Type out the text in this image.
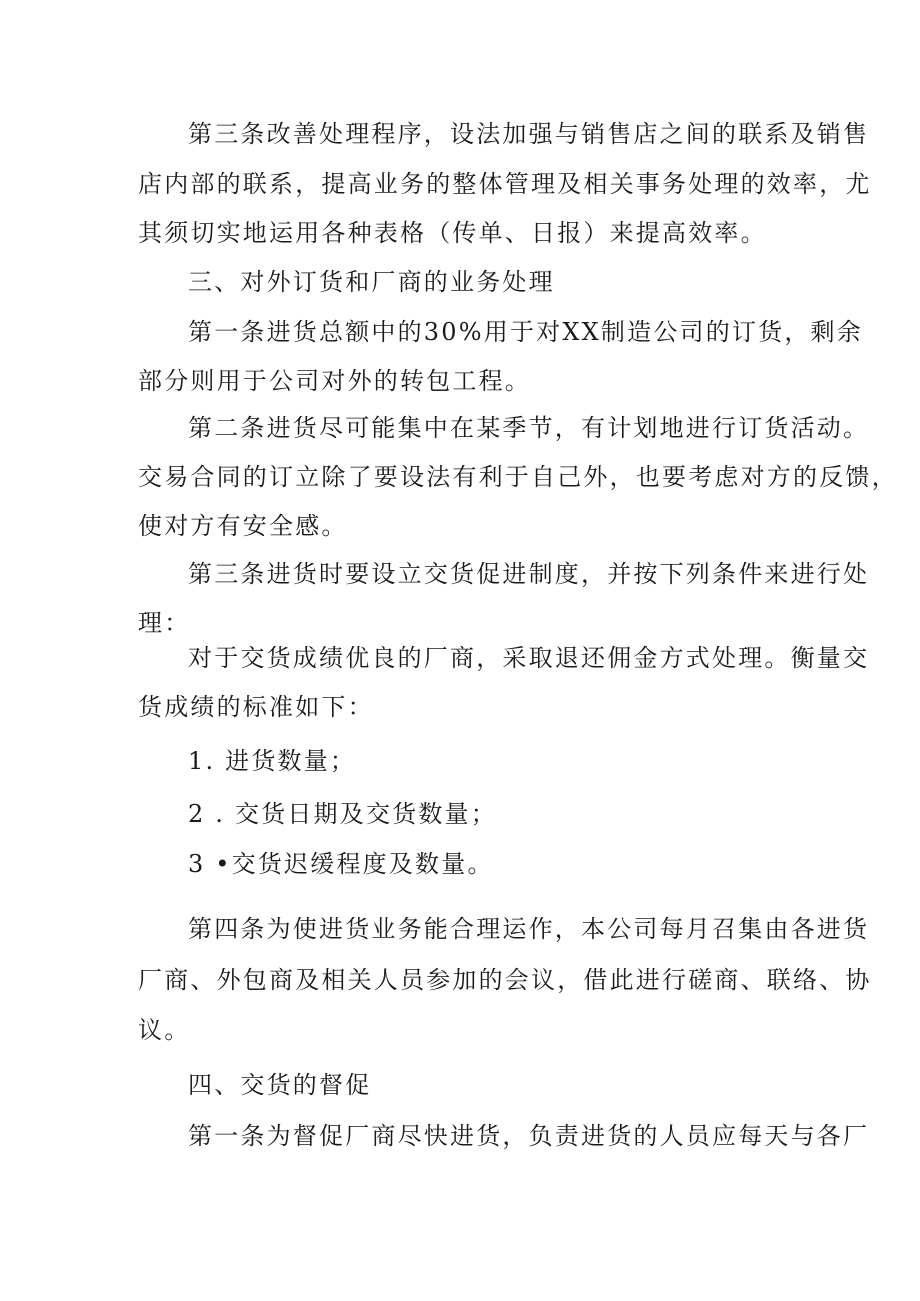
第三条改善处理程序，设法加强与销售店之间的联系及销售
店内部的联系，提高业务的整体管理及相关事务处理的效率，尤
其须切实地运用各种表格（传单、日报）来提高效率。
三、对外订货和厂商的业务处理
第一条进货总额中的30%用于对XX制造公司的订货，剩余
部分则用于公司对外的转包工程。
第二条进货尽可能集中在某季节，有计划地进行订货活动。
交易合同的订立除了要设法有利于自己外，也要考虑对方的反馈，
使对方有安全感。
第三条进货时要设立交货促进制度，并按下列条件来进行处
理：
对于交货成绩优良的厂商，采取退还佣金方式处理。衡量交
货成绩的标准如下：
1. 进货数量；
2 . 交货日期及交货数量；
3 •交货迟缓程度及数量。
第四条为使进货业务能合理运作，本公司每月召集由各进货
厂商、外包商及相关人员参加的会议，借此进行磋商、联络、协
议。
四、交货的督促
第一条为督促厂商尽快进货，负责进货的人员应每天与各厂
